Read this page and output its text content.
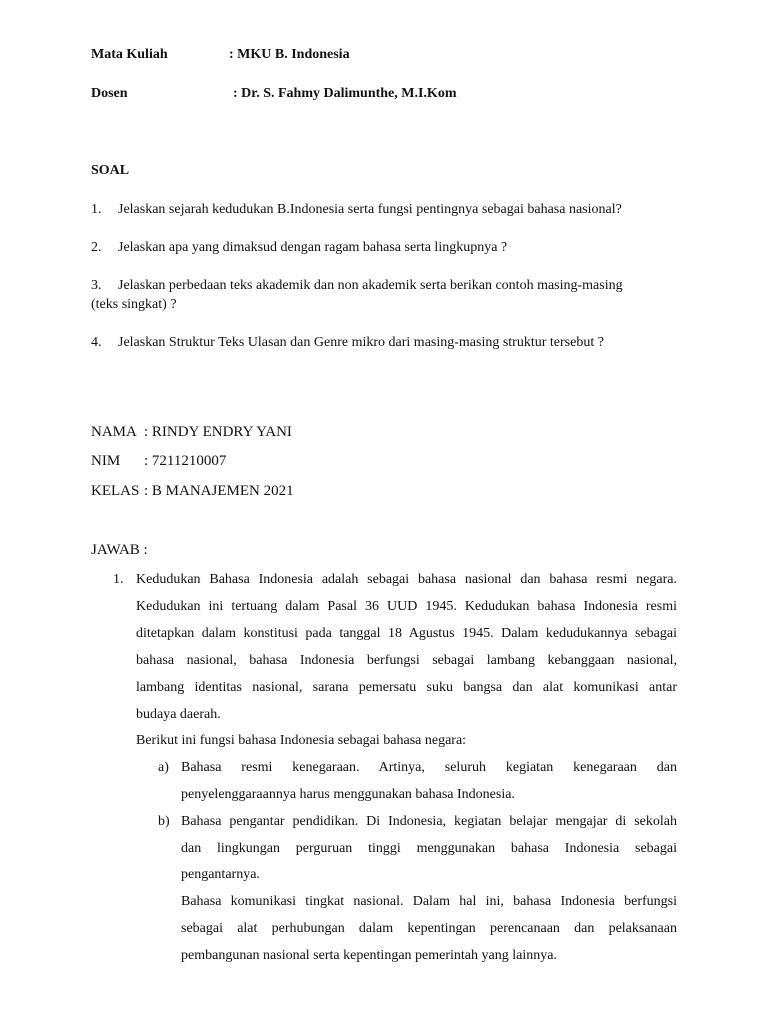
Mata Kuliah	: MKU B. Indonesia
Dosen	: Dr. S. Fahmy Dalimunthe, M.I.Kom
SOAL
1. Jelaskan sejarah kedudukan B.Indonesia serta fungsi pentingnya sebagai bahasa nasional?
2. Jelaskan apa yang dimaksud dengan ragam bahasa serta lingkupnya ?
3. Jelaskan perbedaan teks akademik dan non akademik serta berikan contoh masing-masing
(teks singkat) ?
4. Jelaskan Struktur Teks Ulasan dan Genre mikro dari masing-masing struktur tersebut ?
NAMA : RINDY ENDRY YANI
NIM : 7211210007
KELAS : B MANAJEMEN 2021
JAWAB :
1. Kedudukan Bahasa Indonesia adalah sebagai bahasa nasional dan bahasa resmi negara.
Kedudukan ini tertuang dalam Pasal 36 UUD 1945. Kedudukan bahasa Indonesia resmi
ditetapkan dalam konstitusi pada tanggal 18 Agustus 1945. Dalam kedudukannya sebagai
bahasa nasional, bahasa Indonesia berfungsi sebagai lambang kebanggaan nasional,
lambang identitas nasional, sarana pemersatu suku bangsa dan alat komunikasi antar
budaya daerah.
Berikut ini fungsi bahasa Indonesia sebagai bahasa negara:
a) Bahasa resmi kenegaraan. Artinya, seluruh kegiatan kenegaraan dan
penyelenggaraannya harus menggunakan bahasa Indonesia.
b) Bahasa pengantar pendidikan. Di Indonesia, kegiatan belajar mengajar di sekolah
dan lingkungan perguruan tinggi menggunakan bahasa Indonesia sebagai
pengantarnya.
Bahasa komunikasi tingkat nasional. Dalam hal ini, bahasa Indonesia berfungsi
sebagai alat perhubungan dalam kepentingan perencanaan dan pelaksanaan
pembangunan nasional serta kepentingan pemerintah yang lainnya.
